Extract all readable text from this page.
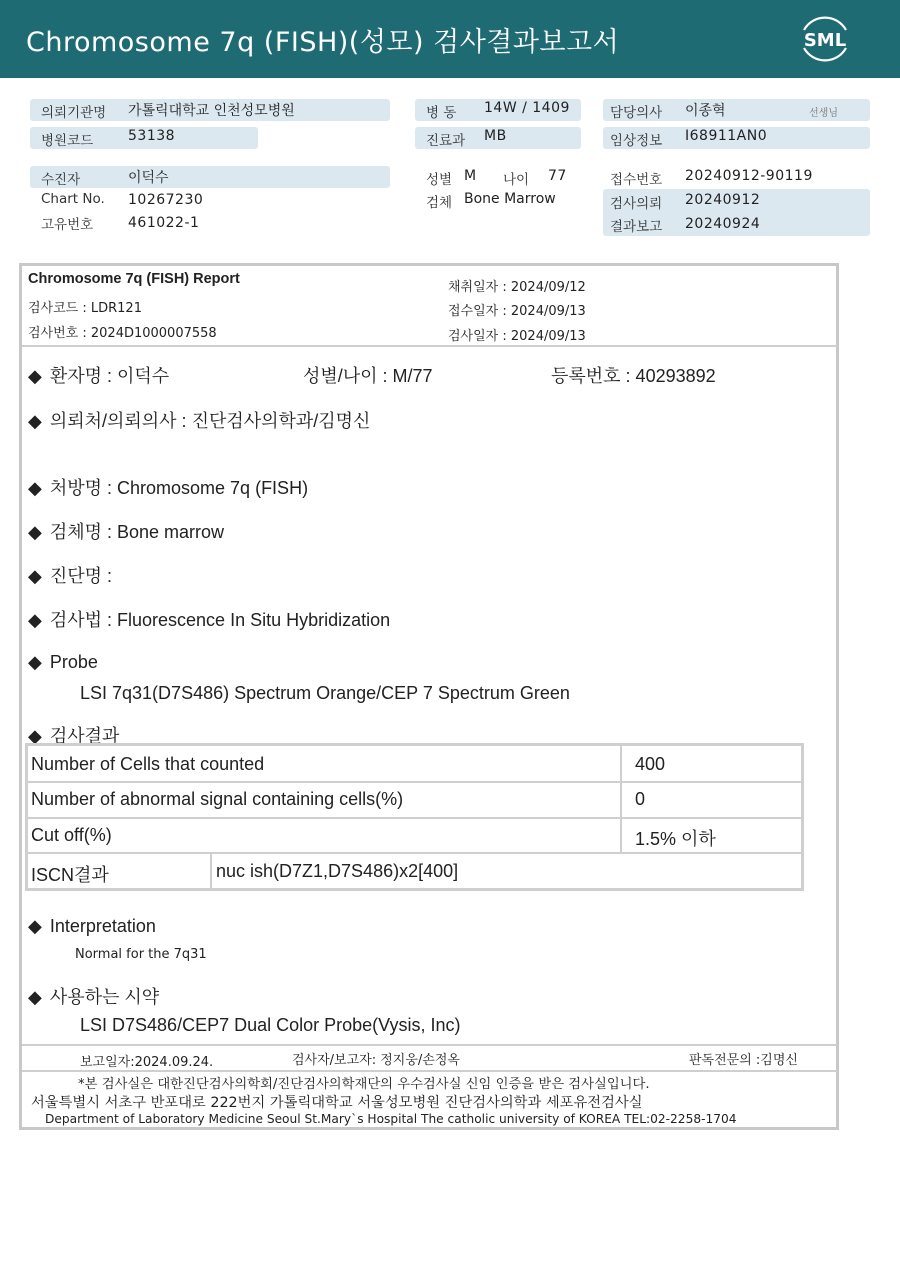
Chromosome 7q (FISH)(성모) 검사결과보고서	SML
의뢰기관명 가톨릭대학교 인천성모병원
병원코드 53138
병 동 14W / 1409
진료과 MB
담당의사 이종혁	선생님
임상정보 I68911AN0
수진자	이덕수
Chart No. 10267230
고유번호 461022-1
성별 M 나이 77
검체 Bone Marrow
접수번호 20240912-90119
검사의뢰 20240912
결과보고 20240924
Chromosome 7q (FISH) Report
검사코드 : LDR121
검사번호 : 2024D1000007558
채취일자 : 2024/09/12
접수일자 : 2024/09/13
검사일자 : 2024/09/13
◆ 환자명 : 이덕수	성별/나이 : M/77	등록번호 : 40293892
◆ 의뢰처/의뢰의사 : 진단검사의학과/김명신
◆ 처방명 : Chromosome 7q (FISH)
◆ 검체명 : Bone marrow
◆ 진단명 :
◆ 검사법 : Fluorescence In Situ Hybridization
◆ Probe
LSI 7q31(D7S486) Spectrum Orange/CEP 7 Spectrum Green
◆ 검사결과
Number of Cells that counted	400
Number of abnormal signal containing cells(%)	0
Cut off(%)	1.5% 이하
ISCN결과	nuc ish(D7Z1,D7S486)x2[400]
◆ Interpretation
Normal for the 7q31
◆ 사용하는 시약
LSI D7S486/CEP7 Dual Color Probe(Vysis, Inc)
보고일자:2024.09.24.	검사자/보고자: 정지웅/손정옥	판독전문의 :김명신
*본 검사실은 대한진단검사의학회/진단검사의학재단의 우수검사실 신임 인증을 받은 검사실입니다.
서울특별시 서초구 반포대로 222번지 가톨릭대학교 서울성모병원 진단검사의학과 세포유전검사실
Department of Laboratory Medicine Seoul St.Mary`s Hospital The catholic university of KOREA TEL:02-2258-1704
